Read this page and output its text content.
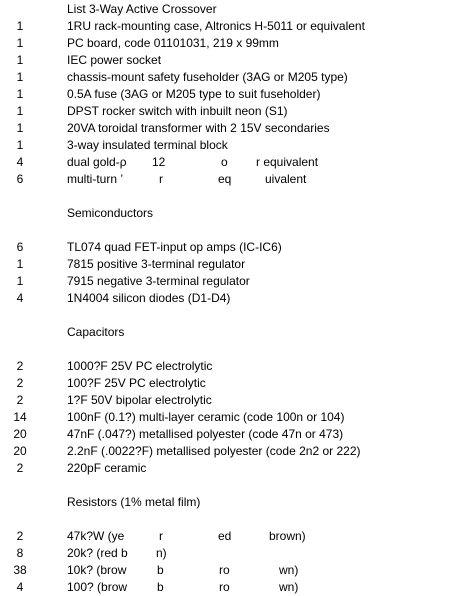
List 3-Way Active Crossover
1	1RU rack-mounting case, Altronics H-5011 or equivalent
1	PC board, code 01101031, 219 x 99mm
1	IEC power socket
1	chassis-mount safety fuseholder (3AG or M205 type)
1	0.5A fuse (3AG or M205 type to suit fuseholder)
1	DPST rocker switch with inbuilt neon (S1)
1	20VA toroidal transformer with 2 15V secondaries
1	3-way insulated terminal block
4	dual gold-ρ 12	o r equivalent
6	multi-turn ’	r	eq	uivalent
Semiconductors
6	TL074 quad FET-input op amps (IC-IC6)
1	7815 positive 3-terminal regulator
1	7915 negative 3-terminal regulator
4	1N4004 silicon diodes (D1-D4)
Capacitors
2	1000?F 25V PC electrolytic
2	100?F 25V PC electrolytic
2	1?F 50V bipolar electrolytic
14	100nF (0.1?) multi-layer ceramic (code 100n or 104)
20	47nF (.047?) metallised polyester (code 47n or 473)
20	2.2nF (.0022?F) metallised polyester (code 2n2 or 222)
2	220pF ceramic
Resistors (1% metal film)
2	47k?W (ye	r	ed	brown)
8	20k? (red b n)
38	10k? (brow	b	ro	wn)
4	100? (brow b	ro	wn)
